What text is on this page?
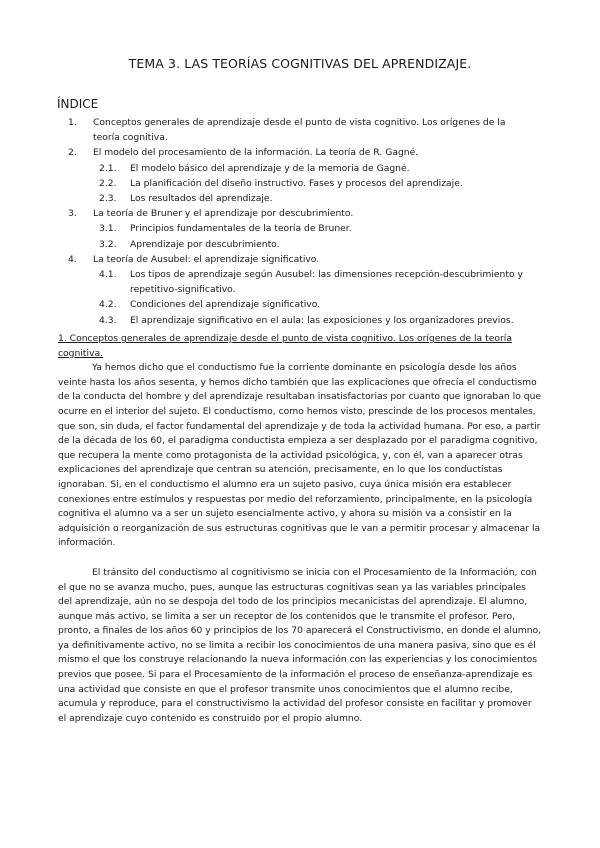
TEMA 3. LAS TEORÍAS COGNITIVAS DEL APRENDIZAJE.
ÍNDICE
1. Conceptos generales de aprendizaje desde el punto de vista cognitivo. Los orígenes de la teoría cognitiva.
2. El modelo del procesamiento de la información. La teoría de R. Gagné.
2.1. El modelo básico del aprendizaje y de la memoria de Gagné.
2.2. La planificación del diseño instructivo. Fases y procesos del aprendizaje.
2.3. Los resultados del aprendizaje.
3. La teoría de Bruner y el aprendizaje por descubrimiento.
3.1. Principios fundamentales de la teoría de Bruner.
3.2. Aprendizaje por descubrimiento.
4. La teoría de Ausubel: el aprendizaje significativo.
4.1. Los tipos de aprendizaje según Ausubel: las dimensiones recepción-descubrimiento y repetitivo-significativo.
4.2. Condiciones del aprendizaje significativo.
4.3. El aprendizaje significativo en el aula: las exposiciones y los organizadores previos.
1. Conceptos generales de aprendizaje desde el punto de vista cognitivo. Los orígenes de la teoría cognitiva.

Ya hemos dicho que el conductismo fue la corriente dominante en psicología desde los años veinte hasta los años sesenta, y hemos dicho también que las explicaciones que ofrecía el conductismo de la conducta del hombre y del aprendizaje resultaban insatisfactorias por cuanto que ignoraban lo que ocurre en el interior del sujeto. El conductismo, como hemos visto, prescinde de los procesos mentales, que son, sin duda, el factor fundamental del aprendizaje y de toda la actividad humana. Por eso, a partir de la década de los 60, el paradigma conductista empieza a ser desplazado por el paradigma cognitivo, que recupera la mente como protagonista de la actividad psicológica, y, con él, van a aparecer otras explicaciones del aprendizaje que centran su atención, precisamente, en lo que los conductistas ignoraban. Si, en el conductismo el alumno era un sujeto pasivo, cuya única misión era establecer conexiones entre estímulos y respuestas por medio del reforzamiento, principalmente, en la psicología cognitiva el alumno va a ser un sujeto esencialmente activo, y ahora su misión va a consistir en la adquisición o reorganización de sus estructuras cognitivas que le van a permitir procesar y almacenar la información.

El tránsito del conductismo al cognitivismo se inicia con el Procesamiento de la Información, con el que no se avanza mucho, pues, aunque las estructuras cognitivas sean ya las variables principales del aprendizaje, aún no se despoja del todo de los principios mecanicistas del aprendizaje. El alumno, aunque más activo, se limita a ser un receptor de los contenidos que le transmite el profesor. Pero, pronto, a finales de los años 60 y principios de los 70 aparecerá el Constructivismo, en donde el alumno, ya definitivamente activo, no se limita a recibir los conocimientos de una manera pasiva, sino que es él mismo el que los construye relacionando la nueva información con las experiencias y los conocimientos previos que posee. Si para el Procesamiento de la información el proceso de enseñanza-aprendizaje es una actividad que consiste en que el profesor transmite unos conocimientos que el alumno recibe, acumula y reproduce, para el constructivismo la actividad del profesor consiste en facilitar y promover el aprendizaje cuyo contenido es construido por el propio alumno.
